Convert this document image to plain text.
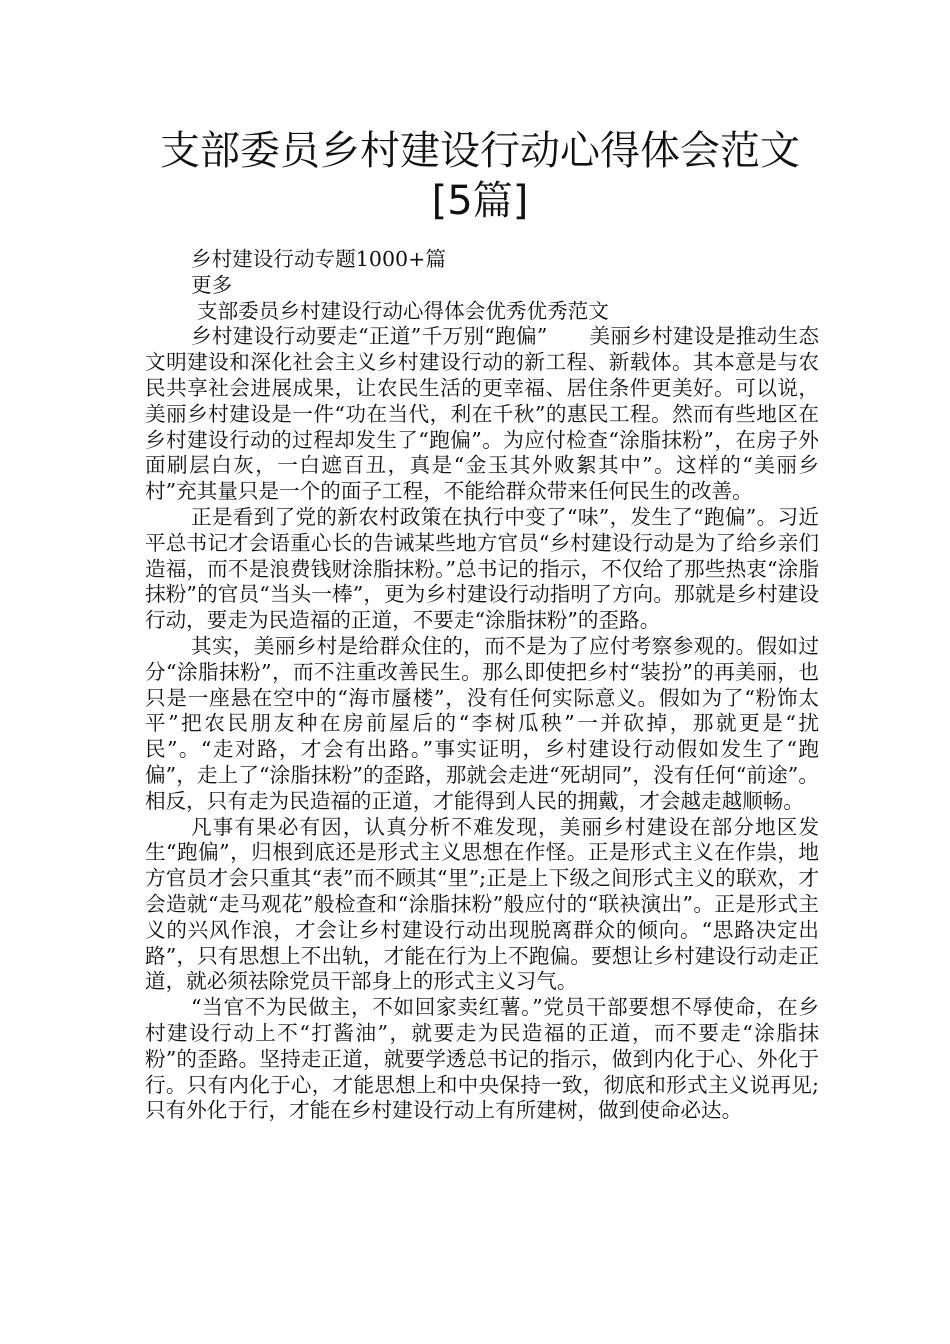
支部委员乡村建设行动心得体会范文[5篇]

乡村建设行动专题1000+篇

更多

支部委员乡村建设行动心得体会优秀优秀范文

乡村建设行动要走“正道”千万别“跑偏”　　美丽乡村建设是推动生态文明建设和深化社会主义乡村建设行动的新工程、新载体。其本意是与农民共享社会进展成果，让农民生活的更幸福、居住条件更美好。可以说，美丽乡村建设是一件“功在当代，利在千秋”的惠民工程。然而有些地区在乡村建设行动的过程却发生了“跑偏”。为应付检查“涂脂抹粉”，在房子外面刷层白灰，一白遮百丑，真是“金玉其外败絮其中”。这样的“美丽乡村”充其量只是一个的面子工程，不能给群众带来任何民生的改善。

正是看到了党的新农村政策在执行中变了“味”，发生了“跑偏”。习近平总书记才会语重心长的告诫某些地方官员“乡村建设行动是为了给乡亲们造福，而不是浪费钱财涂脂抹粉。”总书记的指示，不仅给了那些热衷“涂脂抹粉”的官员“当头一棒”，更为乡村建设行动指明了方向。那就是乡村建设行动，要走为民造福的正道，不要走“涂脂抹粉”的歪路。

其实，美丽乡村是给群众住的，而不是为了应付考察参观的。假如过分“涂脂抹粉”，而不注重改善民生。那么即使把乡村“装扮”的再美丽，也只是一座悬在空中的“海市蜃楼”，没有任何实际意义。假如为了“粉饰太平”把农民朋友种在房前屋后的“李树瓜秧”一并砍掉，那就更是“扰民”。“走对路，才会有出路。”事实证明，乡村建设行动假如发生了“跑偏”，走上了“涂脂抹粉”的歪路，那就会走进“死胡同”，没有任何“前途”。相反，只有走为民造福的正道，才能得到人民的拥戴，才会越走越顺畅。

凡事有果必有因，认真分析不难发现，美丽乡村建设在部分地区发生“跑偏”，归根到底还是形式主义思想在作怪。正是形式主义在作祟，地方官员才会只重其“表”而不顾其“里”;正是上下级之间形式主义的联欢，才会造就“走马观花”般检查和“涂脂抹粉”般应付的“联袂演出”。正是形式主义的兴风作浪，才会让乡村建设行动出现脱离群众的倾向。“思路决定出路”，只有思想上不出轨，才能在行为上不跑偏。要想让乡村建设行动走正道，就必须祛除党员干部身上的形式主义习气。

“当官不为民做主，不如回家卖红薯。”党员干部要想不辱使命，在乡村建设行动上不“打酱油”，就要走为民造福的正道，而不要走“涂脂抹粉”的歪路。坚持走正道，就要学透总书记的指示，做到内化于心、外化于行。只有内化于心，才能思想上和中央保持一致，彻底和形式主义说再见;只有外化于行，才能在乡村建设行动上有所建树，做到使命必达。
